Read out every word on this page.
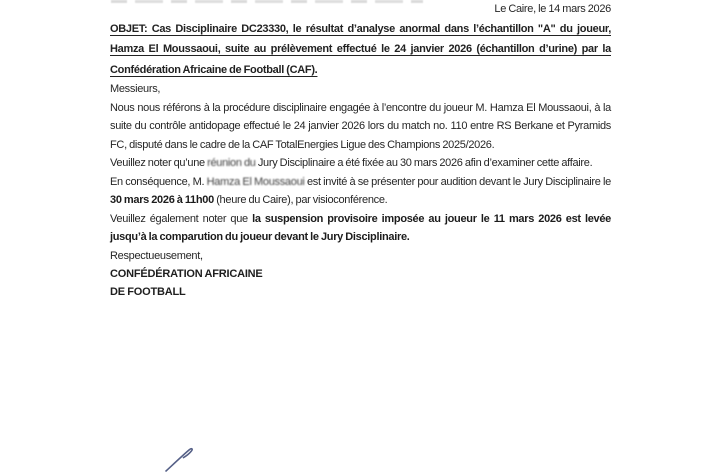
Le Caire, le 14 mars 2026

OBJET: Cas Disciplinaire DC23330, le résultat d’analyse anormal dans l’échantillon "A" du joueur, Hamza El Moussaoui, suite au prélèvement effectué le 24 janvier 2026 (échantillon d’urine) par la Confédération Africaine de Football (CAF).

Messieurs,

Nous nous référons à la procédure disciplinaire engagée à l’encontre du joueur M. Hamza El Moussaoui, à la suite du contrôle antidopage effectué le 24 janvier 2026 lors du match no. 110 entre RS Berkane et Pyramids FC, disputé dans le cadre de la CAF TotalEnergies Ligue des Champions 2025/2026.

Veuillez noter qu’une réunion du Jury Disciplinaire a été fixée au 30 mars 2026 afin d’examiner cette affaire.

En conséquence, M. Hamza El Moussaoui est invité à se présenter pour audition devant le Jury Disciplinaire le 30 mars 2026 à 11h00 (heure du Caire), par visioconférence.

Veuillez également noter que la suspension provisoire imposée au joueur le 11 mars 2026 est levée jusqu’à la comparution du joueur devant le Jury Disciplinaire.

Respectueusement,

CONFÉDÉRATION AFRICAINE

DE FOOTBALL
